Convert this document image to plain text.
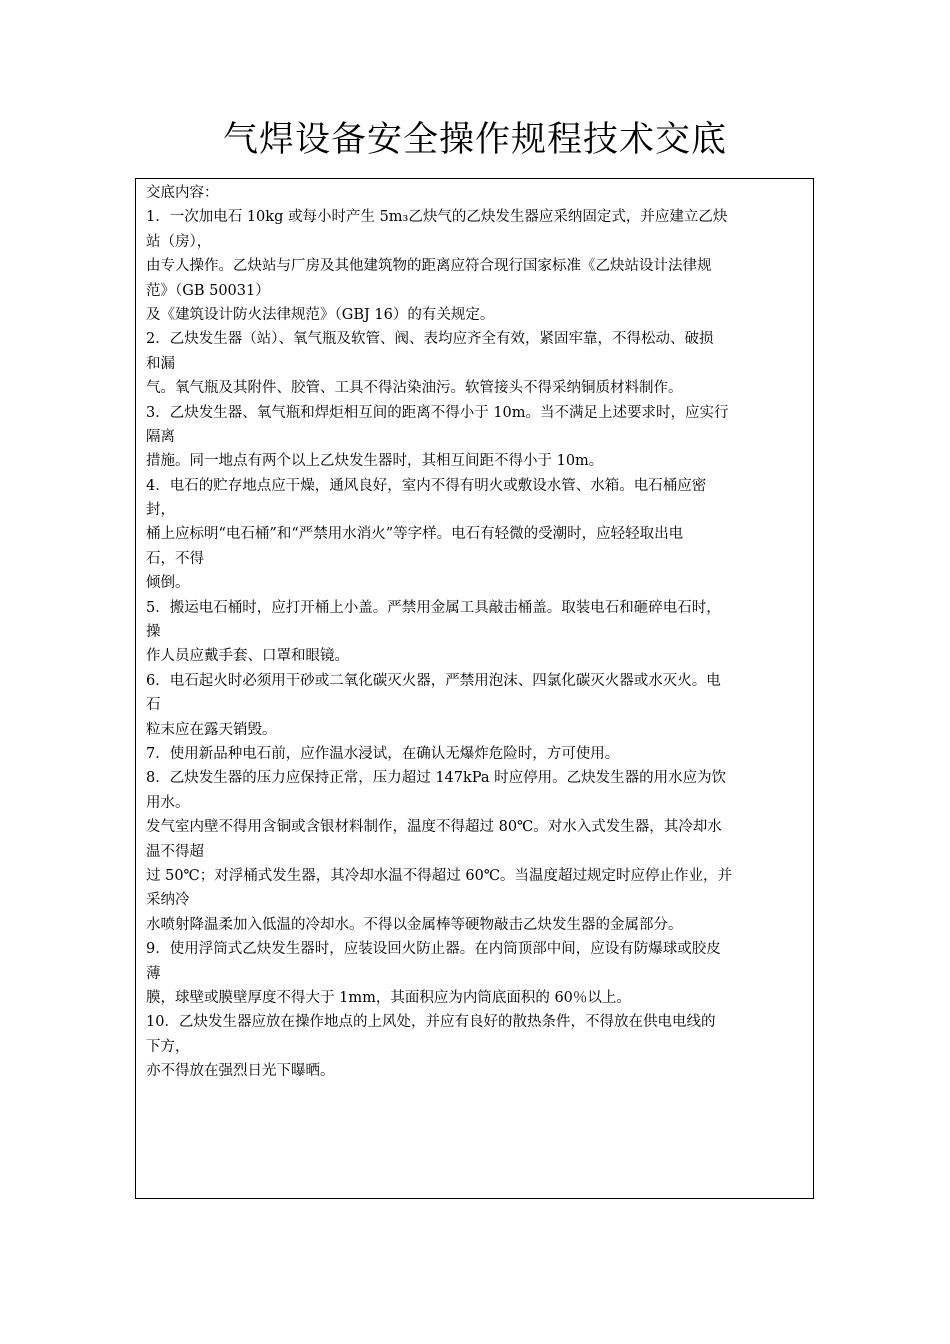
气焊设备安全操作规程技术交底
交底内容：
1．一次加电石 10kg 或每小时产生 5m₃乙炔气的乙炔发生器应采纳固定式，并应建立乙炔
站（房），
由专人操作。乙炔站与厂房及其他建筑物的距离应符合现行国家标准《乙炔站设计法律规
范》（GB 50031）
及《建筑设计防火法律规范》（GBJ 16）的有关规定。
2．乙炔发生器（站）、氧气瓶及软管、阀、表均应齐全有效，紧固牢靠，不得松动、破损
和漏
气。氧气瓶及其附件、胶管、工具不得沾染油污。软管接头不得采纳铜质材料制作。
3．乙炔发生器、氧气瓶和焊炬相互间的距离不得小于 10m。当不满足上述要求时，应实行
隔离
措施。同一地点有两个以上乙炔发生器时，其相互间距不得小于 10m。
4．电石的贮存地点应干燥，通风良好，室内不得有明火或敷设水管、水箱。电石桶应密
封，
桶上应标明“电石桶”和“严禁用水消火”等字样。电石有轻微的受潮时，应轻轻取出电
石，不得
倾倒。
5．搬运电石桶时，应打开桶上小盖。严禁用金属工具敲击桶盖。取装电石和砸碎电石时，
操
作人员应戴手套、口罩和眼镜。
6．电石起火时必须用干砂或二氧化碳灭火器，严禁用泡沫、四氯化碳灭火器或水灭火。电
石
粒末应在露天销毁。
7．使用新品种电石前，应作温水浸试，在确认无爆炸危险时，方可使用。
8．乙炔发生器的压力应保持正常，压力超过 147kPa 时应停用。乙炔发生器的用水应为饮
用水。
发气室内壁不得用含铜或含银材料制作，温度不得超过 80℃。对水入式发生器，其冷却水
温不得超
过 50℃；对浮桶式发生器，其冷却水温不得超过 60℃。当温度超过规定时应停止作业，并
采纳冷
水喷射降温柔加入低温的冷却水。不得以金属棒等硬物敲击乙炔发生器的金属部分。
9．使用浮筒式乙炔发生器时，应装设回火防止器。在内筒顶部中间，应设有防爆球或胶皮
薄
膜，球壁或膜壁厚度不得大于 1mm，其面积应为内筒底面积的 60％以上。
10．乙炔发生器应放在操作地点的上风处，并应有良好的散热条件，不得放在供电电线的
下方，
亦不得放在强烈日光下曝晒。
